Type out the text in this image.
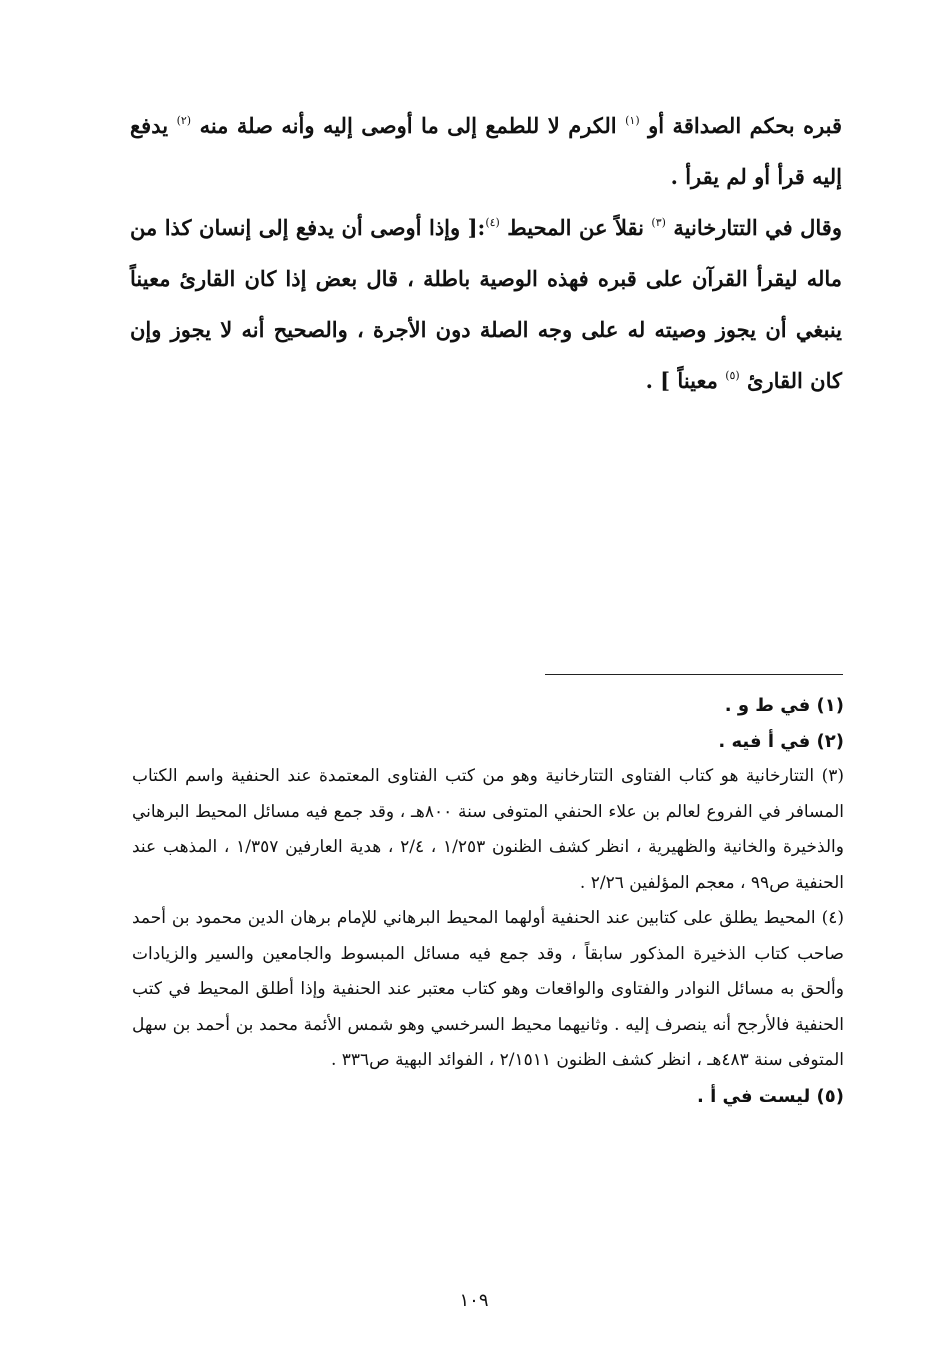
قبره بحكم الصداقة أو $^{(١)}$ الكرم لا للطمع إلى ما أوصى إليه وأنه صلة منه $^{(٢)}$ يدفع إليه قرأ أو لم يقرأ .

وقال في التتارخانية $^{(٣)}$ نقلاً عن المحيط $^{(٤)}$:[ وإذا أوصى أن يدفع إلى إنسان كذا من ماله ليقرأ القرآن على قبره فهذه الوصية باطلة ، قال بعض إذا كان القارئ معيناً ينبغي أن يجوز وصيته له على وجه الصلة دون الأجرة ، والصحيح أنه لا يجوز وإن كان القارئ $^{(٥)}$ معيناً ] .

(١) في ط و .

(٢) في أ فيه .

(٣) التتارخانية هو كتاب الفتاوى التتارخانية وهو من كتب الفتاوى المعتمدة عند الحنفية واسم الكتاب المسافر في الفروع لعالم بن علاء الحنفي المتوفى سنة ٨٠٠هـ ، وقد جمع فيه مسائل المحيط البرهاني والذخيرة والخانية والظهيرية ، انظر كشف الظنون ١/٢٥٣ ، ٢/٤ ، هدية العارفين ١/٣٥٧ ، المذهب عند الحنفية ص٩٩ ، معجم المؤلفين ٢/٢٦ .

(٤) المحيط يطلق على كتابين عند الحنفية أولهما المحيط البرهاني للإمام برهان الدين محمود بن أحمد صاحب كتاب الذخيرة المذكور سابقاً ، وقد جمع فيه مسائل المبسوط والجامعين والسير والزيادات وألحق به مسائل النوادر والفتاوى والواقعات وهو كتاب معتبر عند الحنفية وإذا أطلق المحيط في كتب الحنفية فالأرجح أنه ينصرف إليه . وثانيهما محيط السرخسي وهو شمس الأئمة محمد بن أحمد بن سهل المتوفى سنة ٤٨٣هـ ، انظر كشف الظنون ٢/١٥١١ ، الفوائد البهية ص٣٣٦ .

(٥) ليست في أ .

١٠٩
